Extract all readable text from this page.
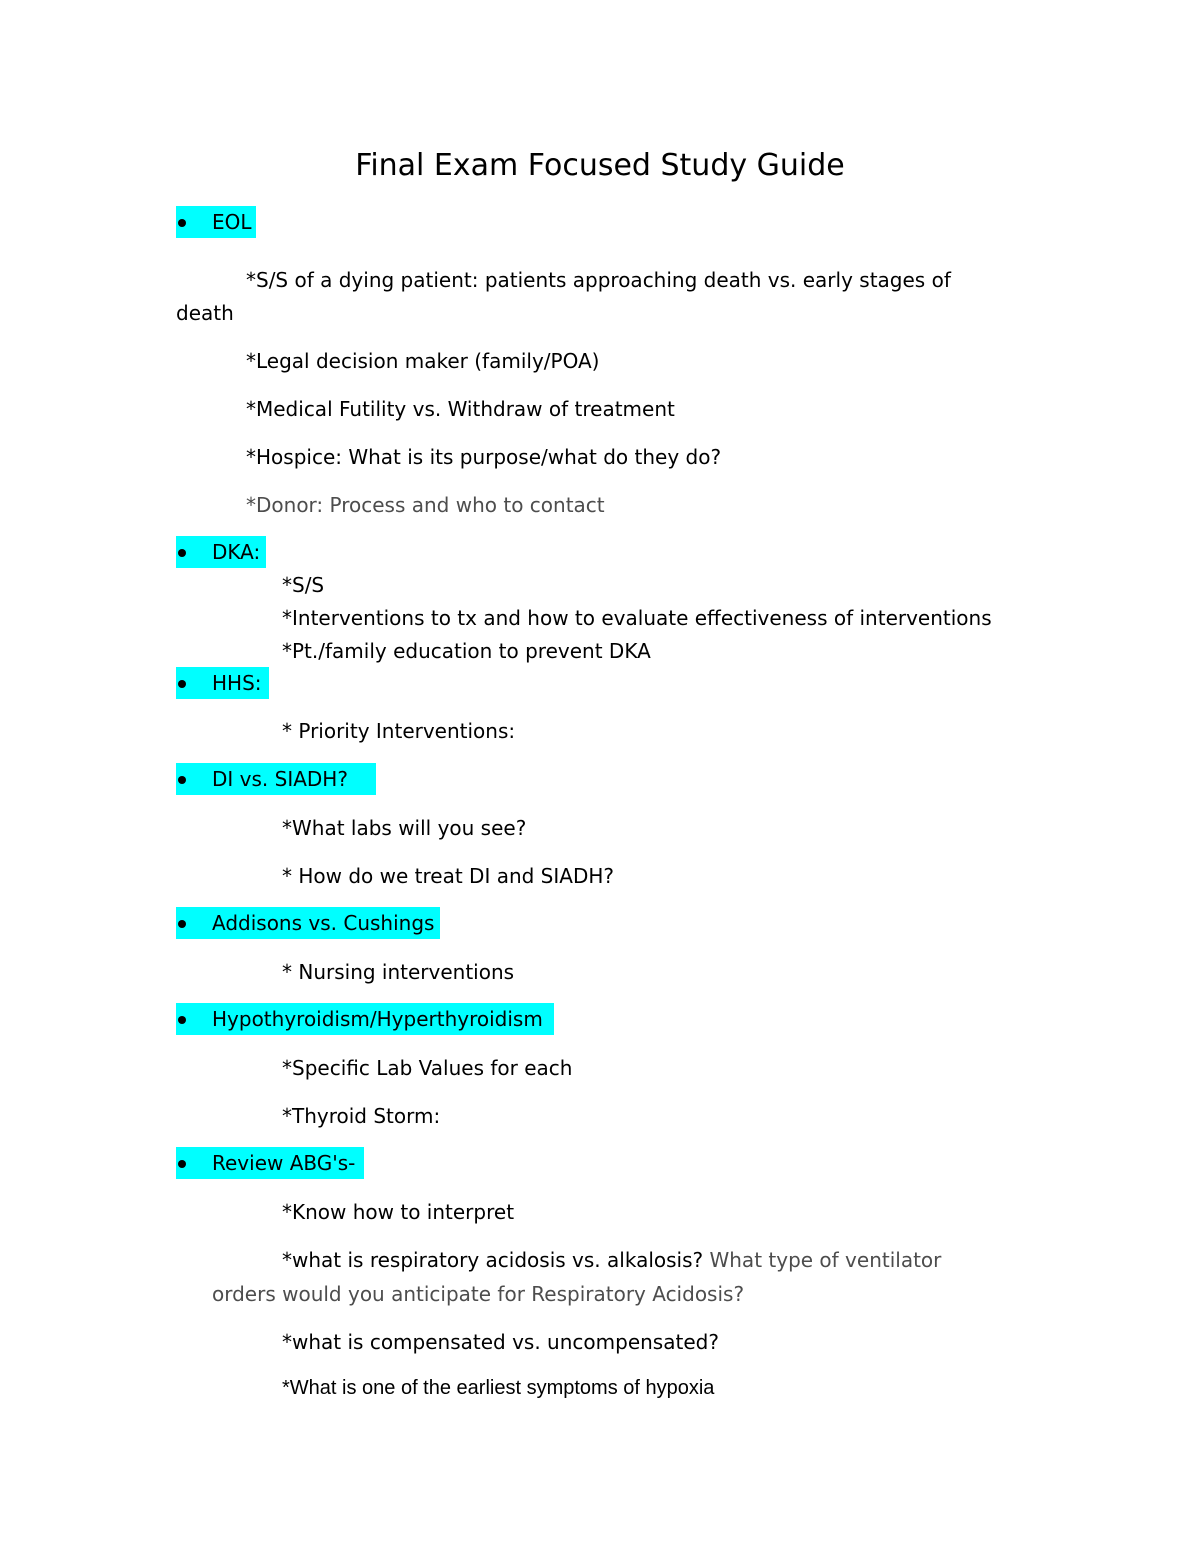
Final Exam Focused Study Guide
EOL
*S/S of a dying patient: patients approaching death vs. early stages of
death
*Legal decision maker (family/POA)
*Medical Futility vs. Withdraw of treatment
*Hospice: What is its purpose/what do they do?
*Donor: Process and who to contact
DKA:
*S/S
*Interventions to tx and how to evaluate effectiveness of interventions
*Pt./family education to prevent DKA
HHS:
* Priority Interventions:
DI vs. SIADH?
*What labs will you see?
* How do we treat DI and SIADH?
Addisons vs. Cushings
* Nursing interventions
Hypothyroidism/Hyperthyroidism
*Specific Lab Values for each
*Thyroid Storm:
Review ABG's-
*Know how to interpret
*what is respiratory acidosis vs. alkalosis? What type of ventilator
orders would you anticipate for Respiratory Acidosis?
*what is compensated vs. uncompensated?
*What is one of the earliest symptoms of hypoxia
